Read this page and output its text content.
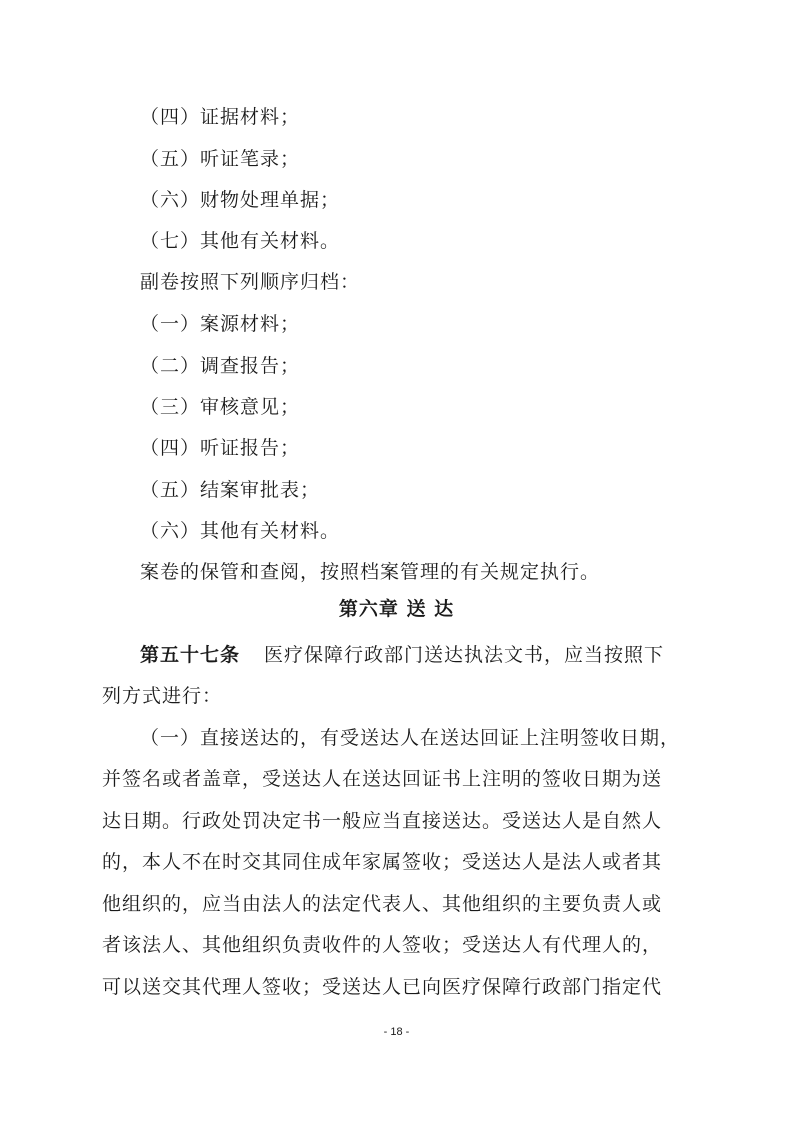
（四）证据材料；
（五）听证笔录；
（六）财物处理单据；
（七）其他有关材料。
副卷按照下列顺序归档：
（一）案源材料；
（二）调查报告；
（三）审核意见；
（四）听证报告；
（五）结案审批表；
（六）其他有关材料。
案卷的保管和查阅，按照档案管理的有关规定执行。
第六章 送 达
第五十七条 医疗保障行政部门送达执法文书，应当按照下
列方式进行：
（一）直接送达的，有受送达人在送达回证上注明签收日期，
并签名或者盖章，受送达人在送达回证书上注明的签收日期为送
达日期。行政处罚决定书一般应当直接送达。受送达人是自然人
的，本人不在时交其同住成年家属签收；受送达人是法人或者其
他组织的，应当由法人的法定代表人、其他组织的主要负责人或
者该法人、其他组织负责收件的人签收；受送达人有代理人的，
可以送交其代理人签收；受送达人已向医疗保障行政部门指定代
- 18 -
